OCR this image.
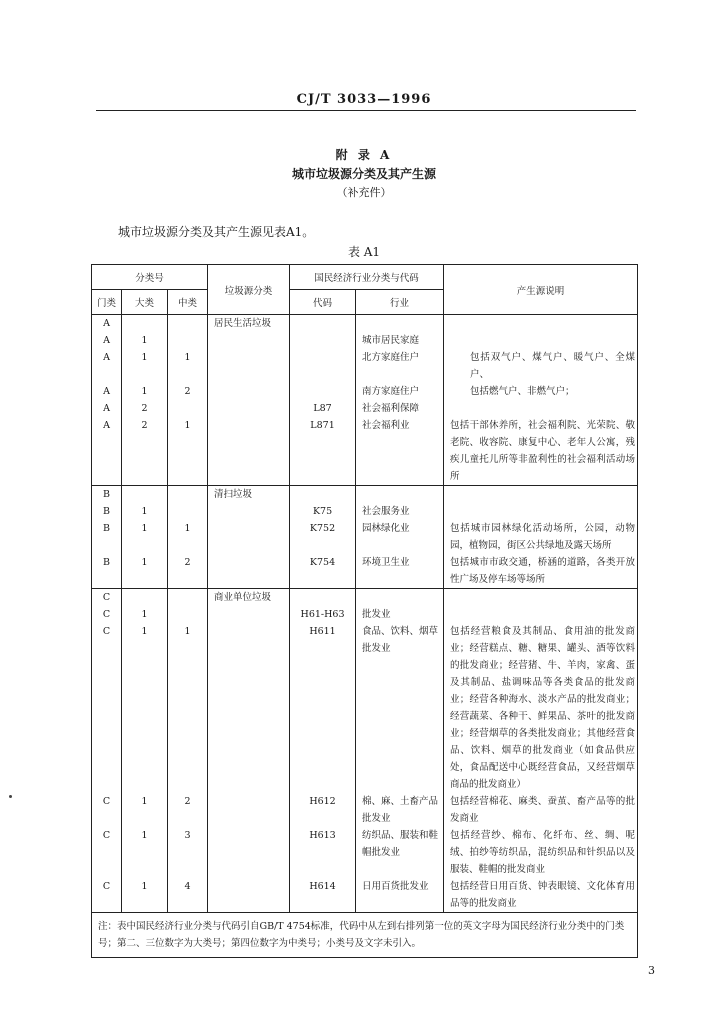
CJ/T 3033—1996
附 录 A
城市垃圾源分类及其产生源
（补充件）
城市垃圾源分类及其产生源见表A1。
表 A1
分类号			垃圾源分类	国民经济行业分类与代码		产生源说明
门类	大类	中类		代码	行业	
A			居民生活垃圾			
A	1				城市居民家庭	
A	1	1			北方家庭住户	包括双气户、煤气户、暖气户、全煤户、
A	1	2			南方家庭住户	包括燃气户、非燃气户；
A	2			L87	社会福利保障	
A	2	1		L871	社会福利业	包括干部休养所，社会福利院、光荣院、敬老院、收容院、康复中心、老年人公寓，残疾儿童托儿所等非盈利性的社会福利活动场所
B			清扫垃圾			
B	1			K75	社会服务业	
B	1	1		K752	园林绿化业	包括城市园林绿化活动场所，公园，动物园，植物园，街区公共绿地及露天场所
B	1	2		K754	环境卫生业	包括城市市政交通，桥涵的道路，各类开放性广场及停车场等场所
C			商业单位垃圾			
C	1			H61-H63	批发业	
C	1	1		H611	食品、饮料、烟草批发业	包括经营粮食及其制品、食用油的批发商业；经营糕点、糖、糖果、罐头、酒等饮料的批发商业；经营猪、牛、羊肉，家禽、蛋及其制品、盐调味品等各类食品的批发商业；经营各种海水、淡水产品的批发商业；经营蔬菜、各种干、鲜果品、茶叶的批发商业；经营烟草的各类批发商业；其他经营食品、饮料、烟草的批发商业（如食品供应处，食品配送中心既经营食品，又经营烟草商品的批发商业）
C	1	2		H612	棉、麻、土畜产品批发业	包括经营棉花、麻类、蚕茧、畜产品等的批发商业
C	1	3		H613	纺织品、服装和鞋帽批发业	包括经营纱、棉布、化纤布、丝、绸、呢绒、拍纱等纺织品，混纺织品和针织品以及服装、鞋帽的批发商业
C	1	4		H614	日用百货批发业	包括经营日用百货、钟表眼镜、文化体育用品等的批发商业
注：表中国民经济行业分类与代码引自GB/T 4754标准，代码中从左到右排列第一位的英文字母为国民经济行业分类中的门类号；第二、三位数字为大类号；第四位数字为中类号；小类号及文字未引入。						
3
